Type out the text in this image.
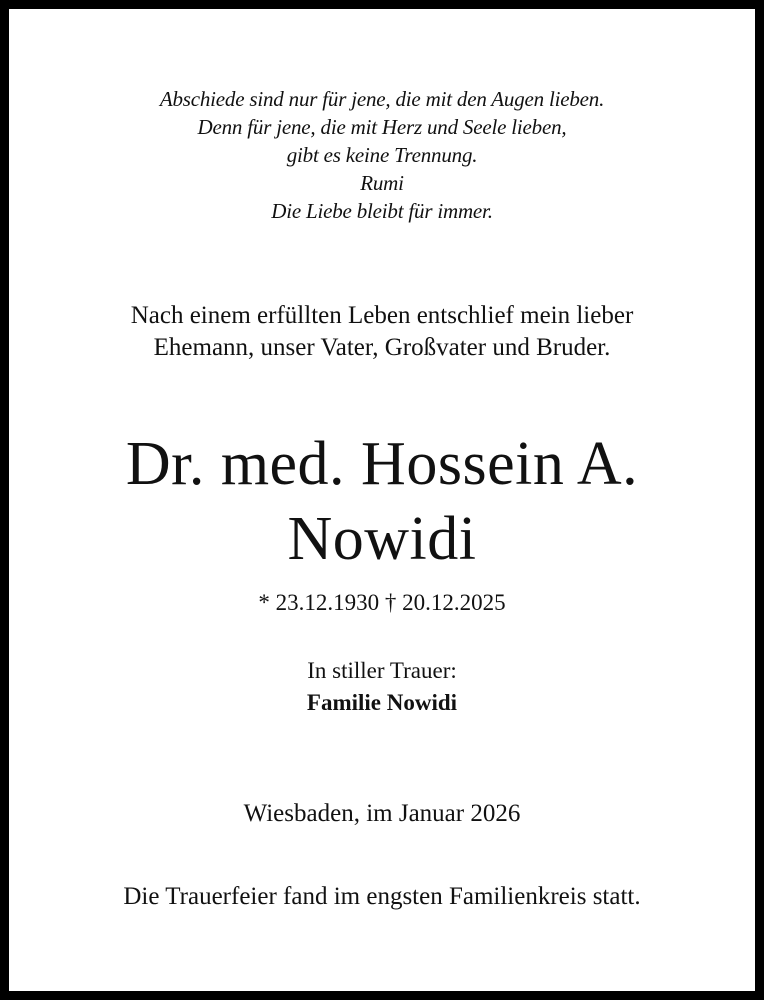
Abschiede sind nur für jene, die mit den Augen lieben.
Denn für jene, die mit Herz und Seele lieben,
gibt es keine Trennung.
Rumi
Die Liebe bleibt für immer.
Nach einem erfüllten Leben entschlief mein lieber
Ehemann, unser Vater, Großvater und Bruder.
Dr. med. Hossein A.
Nowidi
* 23.12.1930 † 20.12.2025
In stiller Trauer:
Familie Nowidi
Wiesbaden, im Januar 2026
Die Trauerfeier fand im engsten Familienkreis statt.
